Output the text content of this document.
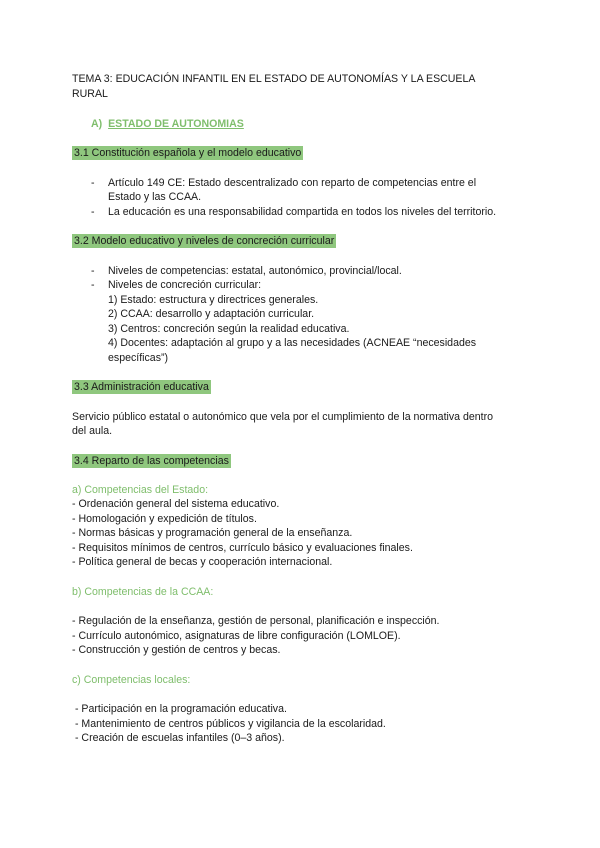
TEMA 3: EDUCACIÓN INFANTIL EN EL ESTADO DE AUTONOMÍAS Y LA ESCUELA
RURAL
A) ESTADO DE AUTONOMIAS
3.1 Constitución española y el modelo educativo
- Artículo 149 CE: Estado descentralizado con reparto de competencias entre el
Estado y las CCAA.
- La educación es una responsabilidad compartida en todos los niveles del territorio.
3.2 Modelo educativo y niveles de concreción curricular
- Niveles de competencias: estatal, autonómico, provincial/local.
- Niveles de concreción curricular:
1) Estado: estructura y directrices generales.
2) CCAA: desarrollo y adaptación curricular.
3) Centros: concreción según la realidad educativa.
4) Docentes: adaptación al grupo y a las necesidades (ACNEAE “necesidades
específicas”)
3.3 Administración educativa
Servicio público estatal o autonómico que vela por el cumplimiento de la normativa dentro
del aula.
3.4 Reparto de las competencias
a) Competencias del Estado:
- Ordenación general del sistema educativo.
- Homologación y expedición de títulos.
- Normas básicas y programación general de la enseñanza.
- Requisitos mínimos de centros, currículo básico y evaluaciones finales.
- Política general de becas y cooperación internacional.
b) Competencias de la CCAA:
- Regulación de la enseñanza, gestión de personal, planificación e inspección.
- Currículo autonómico, asignaturas de libre configuración (LOMLOE).
- Construcción y gestión de centros y becas.
c) Competencias locales:
- Participación en la programación educativa.
- Mantenimiento de centros públicos y vigilancia de la escolaridad.
- Creación de escuelas infantiles (0–3 años).
